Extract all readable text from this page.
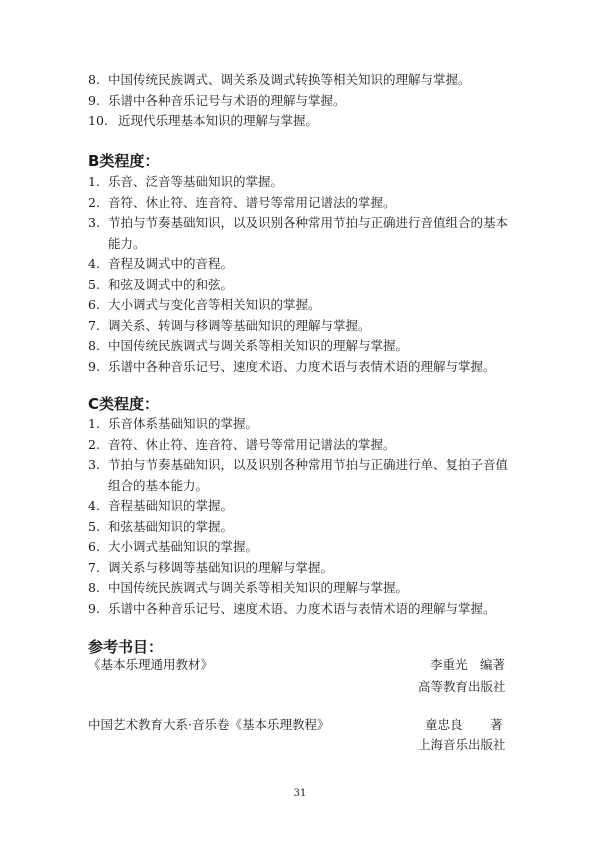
8. 中国传统民族调式、调关系及调式转换等相关知识的理解与掌握。
9. 乐谱中各种音乐记号与术语的理解与掌握。
10. 近现代乐理基本知识的理解与掌握。
B类程度：
1. 乐音、泛音等基础知识的掌握。
2. 音符、休止符、连音符、谱号等常用记谱法的掌握。
3. 节拍与节奏基础知识，以及识别各种常用节拍与正确进行音值组合的基本能力。
4. 音程及调式中的音程。
5. 和弦及调式中的和弦。
6. 大小调式与变化音等相关知识的掌握。
7. 调关系、转调与移调等基础知识的理解与掌握。
8. 中国传统民族调式与调关系等相关知识的理解与掌握。
9. 乐谱中各种音乐记号、速度术语、力度术语与表情术语的理解与掌握。
C类程度：
1. 乐音体系基础知识的掌握。
2. 音符、休止符、连音符、谱号等常用记谱法的掌握。
3. 节拍与节奏基础知识，以及识别各种常用节拍与正确进行单、复拍子音值组合的基本能力。
4. 音程基础知识的掌握。
5. 和弦基础知识的掌握。
6. 大小调式基础知识的掌握。
7. 调关系与移调等基础知识的理解与掌握。
8. 中国传统民族调式与调关系等相关知识的理解与掌握。
9. 乐谱中各种音乐记号、速度术语、力度术语与表情术语的理解与掌握。
参考书目：
《基本乐理通用教材》	李重光 编著
高等教育出版社
中国艺术教育大系·音乐卷《基本乐理教程》	童忠良 著
上海音乐出版社
31
